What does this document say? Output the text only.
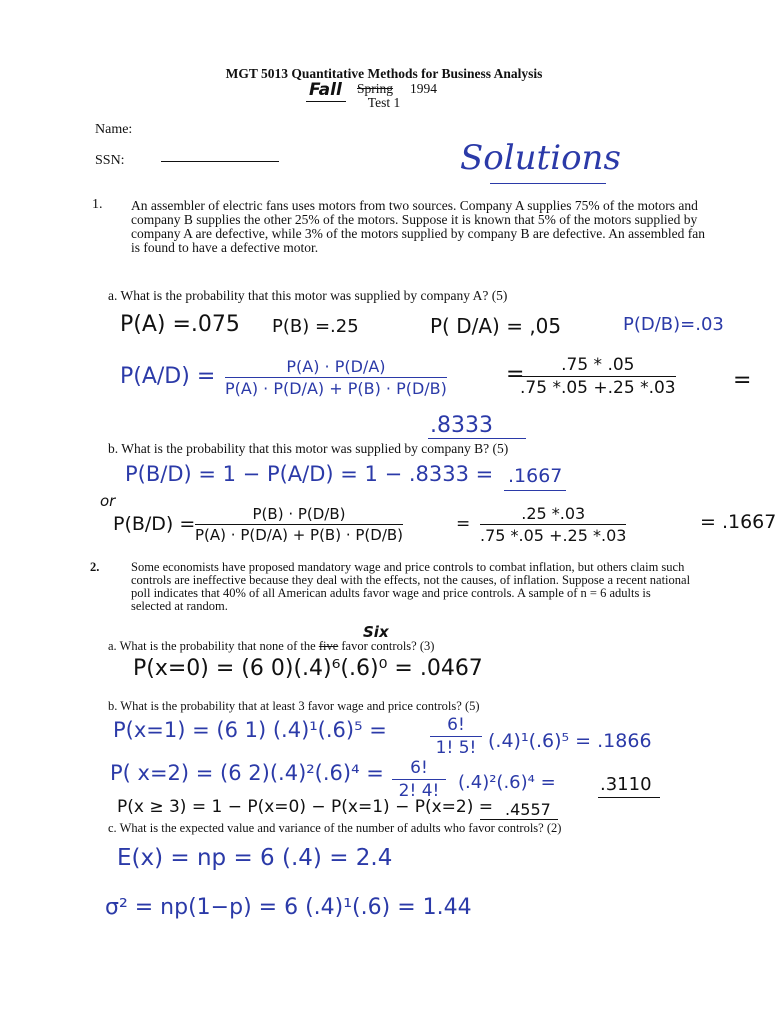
MGT 5013 Quantitative Methods for Business Analysis
Fall Spring 1994
Test 1
Name:
SSN:	Solutions
1. An assembler of electric fans uses motors from two sources. Company A supplies 75% of the motors and company B supplies the other 25% of the motors. Suppose it is known that 5% of the motors supplied by company A are defective, while 3% of the motors supplied by company B are defective. An assembled fan is found to have a defective motor.
a. What is the probability that this motor was supplied by company A? (5)
P(A) =.075 P(B) =.25	P( D/A) = ,05	P(D/B)=.03
P(A/D) =	P(A) · P(D/A)
P(A) · P(D/A) + P(B) · P(D/B)
=	.75 * .05
.75 *.05 +.25 *.03	=
.8333
b. What is the probability that this motor was supplied by company B? (5)
P(B/D) = 1 − P(A/D) = 1 − .8333 = .1667
or
P(B/D) =	P(B) · P(D/B)
P(A) · P(D/A) + P(B) · P(D/B)
=
.25 *.03
.75 *.05 +.25 *.03
= .1667
2.	Some economists have proposed mandatory wage and price controls to combat inflation, but others claim such controls are ineffective because they deal with the effects, not the causes, of inflation. Suppose a recent national poll indicates that 40% of all American adults favor wage and price controls. A sample of n = 6 adults is selected at random.
a. What is the probability that none of the five favor controls? (3)
Six
P(x=0) = (6 0)(.4)⁶(.6)⁰ = .0467
b. What is the probability that at least 3 favor wage and price controls? (5)
P(x=1) = (6 1) (.4)¹(.6)⁵ =	6!
1! 5! (.4)¹(.6)⁵ = .1866
P( x=2) = (6 2)(.4)²(.6)⁴ =	6!
2! 4!	(.4)²(.6)⁴ = .3110
P(x ≥ 3) = 1 − P(x=0) − P(x=1) − P(x=2) = .4557
c. What is the expected value and variance of the number of adults who favor controls? (2)
E(x) = np = 6 (.4) = 2.4
σ² = np(1−p) = 6 (.4)¹(.6) = 1.44
